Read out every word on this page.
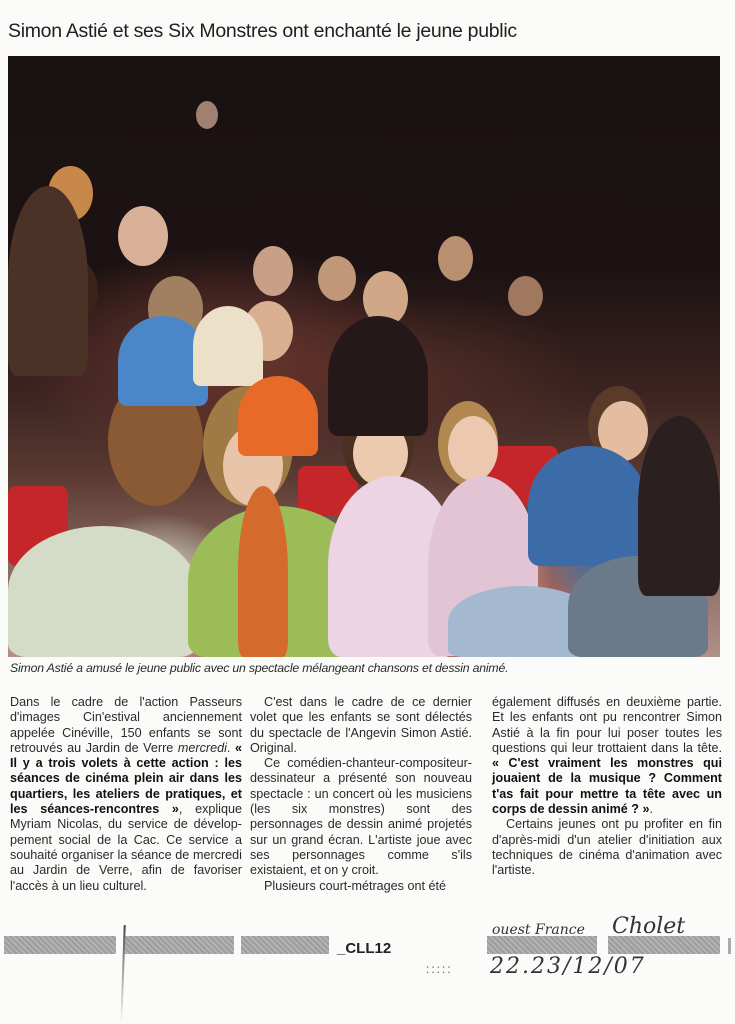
Simon Astié et ses Six Monstres ont enchanté le jeune public

Simon Astié a amusé le jeune public avec un spectacle mélangeant chansons et dessin animé.

Dans le cadre de l'action Passeurs d'images Cin'estival anciennement appelée Cinéville, 150 enfants se sont retrouvés au Jardin de Verre mercredi. « Il y a trois volets à cette action : les séances de cinéma plein air dans les quartiers, les ateliers de pratiques, et les séances-rencontres », explique Myriam Nicolas, du service de développement social de la Cac. Ce service a souhaité organiser la séance de mercredi au Jardin de Verre, afin de favoriser l'accès à un lieu culturel.

C'est dans le cadre de ce dernier volet que les enfants se sont délectés du spectacle de l'Angevin Simon Astié. Original.

Ce comédien-chanteur-compositeur-dessinateur a présenté son nouveau spectacle : un concert où les musiciens (les six monstres) sont des personnages de dessin animé projetés sur un grand écran. L'artiste joue avec ses personnages comme s'ils existaient, et on y croit.

Plusieurs court-métrages ont été

également diffusés en deuxième partie. Et les enfants ont pu rencontrer Simon Astié à la fin pour lui poser toutes les questions qui leur trottaient dans la tête. « C'est vraiment les monstres qui jouaient de la musique ? Comment t'as fait pour mettre ta tête avec un corps de dessin animé ? ».

Certains jeunes ont pu profiter en fin d'après-midi d'un atelier d'initiation aux techniques de cinéma d'animation avec l'artiste.

_CLL12

ouest France Cholet
::::: 22.23/12/07
